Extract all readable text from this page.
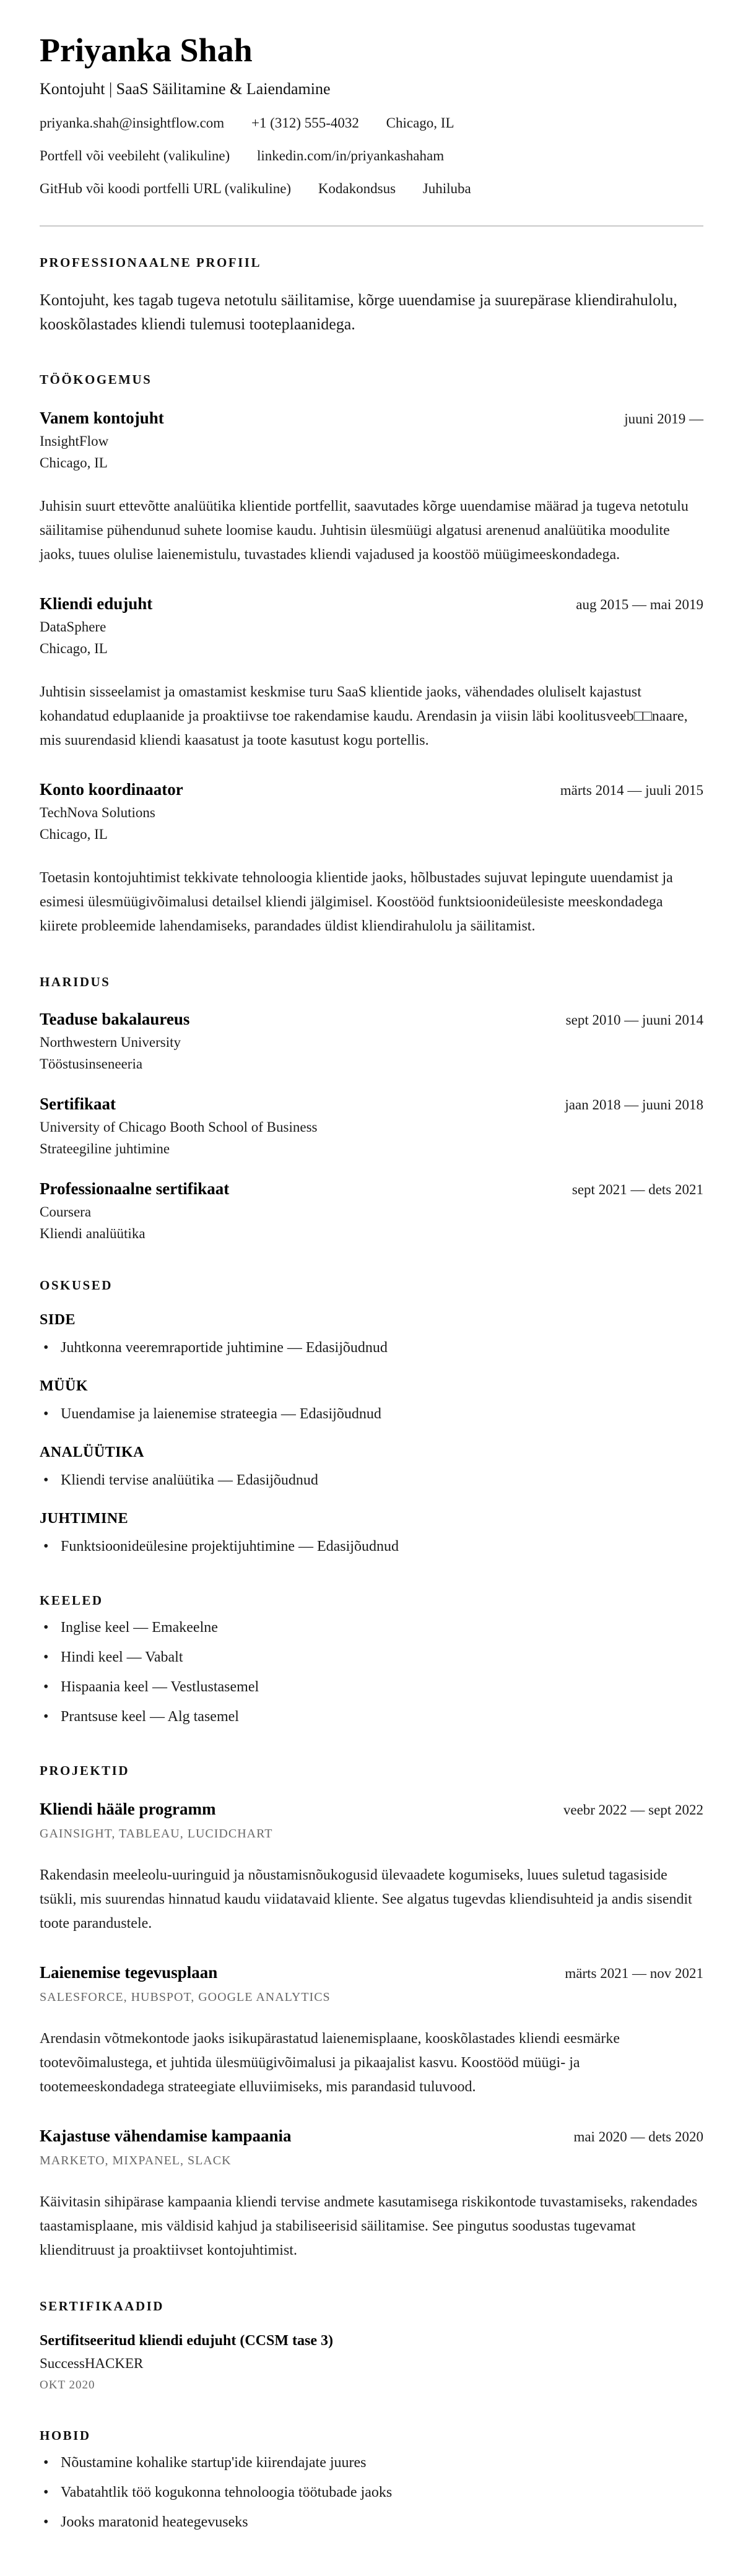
Priyanka Shah
Kontojuht | SaaS Säilitamine & Laiendamine
priyanka.shah@insightflow.com +1 (312) 555-4032 Chicago, IL
Portfell või veebileht (valikuline) linkedin.com/in/priyankashaham
GitHub või koodi portfelli URL (valikuline) Kodakondsus Juhiluba
PROFESSIONAALNE PROFIIL
Kontojuht, kes tagab tugeva netotulu säilitamise, kõrge uuendamise ja suurepärase kliendirahulolu, kooskõlastades kliendi tulemusi tooteplaanidega.
TÖÖKOGEMUS
Vanem kontojuht	juuni 2019 —
InsightFlow
Chicago, IL
Juhisin suurt ettevõtte analüütika klientide portfellit, saavutades kõrge uuendamise määrad ja tugeva netotulu säilitamise pühendunud suhete loomise kaudu. Juhtisin ülesmüügi algatusi arenenud analüütika moodulite jaoks, tuues olulise laienemistulu, tuvastades kliendi vajadused ja koostöö müügimeeskondadega.
Kliendi edujuht	aug 2015 — mai 2019
DataSphere
Chicago, IL
Juhtisin sisseelamist ja omastamist keskmise turu SaaS klientide jaoks, vähendades oluliselt kajastust kohandatud eduplaanide ja proaktiivse toe rakendamise kaudu. Arendasin ja viisin läbi koolitusveeb□□naare, mis suurendasid kliendi kaasatust ja toote kasutust kogu portellis.
Konto koordinaator	märts 2014 — juuli 2015
TechNova Solutions
Chicago, IL
Toetasin kontojuhtimist tekkivate tehnoloogia klientide jaoks, hõlbustades sujuvat lepingute uuendamist ja esimesi ülesmüügivõimalusi detailsel kliendi jälgimisel. Koostööd funktsioonideülesiste meeskondadega kiirete probleemide lahendamiseks, parandades üldist kliendirahulolu ja säilitamist.
HARIDUS
Teaduse bakalaureus	sept 2010 — juuni 2014
Northwestern University
Tööstusinseneeria
Sertifikaat	jaan 2018 — juuni 2018
University of Chicago Booth School of Business
Strateegiline juhtimine
Professionaalne sertifikaat	sept 2021 — dets 2021
Coursera
Kliendi analüütika
OSKUSED
SIDE
• Juhtkonna veeremraportide juhtimine — Edasijõudnud
MÜÜK
• Uuendamise ja laienemise strateegia — Edasijõudnud
ANALÜÜTIKA
• Kliendi tervise analüütika — Edasijõudnud
JUHTIMINE
• Funktsioonideülesine projektijuhtimine — Edasijõudnud
KEELED
• Inglise keel — Emakeelne
• Hindi keel — Vabalt
• Hispaania keel — Vestlustasemel
• Prantsuse keel — Alg tasemel
PROJEKTID
Kliendi hääle programm	veebr 2022 — sept 2022
GAINSIGHT, TABLEAU, LUCIDCHART
Rakendasin meeleolu-uuringuid ja nõustamisnõukogusid ülevaadete kogumiseks, luues suletud tagasiside tsükli, mis suurendas hinnatud kaudu viidatavaid kliente. See algatus tugevdas kliendisuhteid ja andis sisendit toote parandustele.
Laienemise tegevusplaan	märts 2021 — nov 2021
SALESFORCE, HUBSPOT, GOOGLE ANALYTICS
Arendasin võtmekontode jaoks isikupärastatud laienemisplaane, kooskõlastades kliendi eesmärke tootevõimalustega, et juhtida ülesmüügivõimalusi ja pikaajalist kasvu. Koostööd müügi- ja tootemeeskondadega strateegiate elluviimiseks, mis parandasid tuluvood.
Kajastuse vähendamise kampaania	mai 2020 — dets 2020
MARKETO, MIXPANEL, SLACK
Käivitasin sihipärase kampaania kliendi tervise andmete kasutamisega riskikontode tuvastamiseks, rakendades taastamisplaane, mis väldisid kahjud ja stabiliseerisid säilitamise. See pingutus soodustas tugevamat klienditruust ja proaktiivset kontojuhtimist.
SERTIFIKAADID
Sertifitseeritud kliendi edujuht (CCSM tase 3)
SuccessHACKER
OKT 2020
HOBID
• Nõustamine kohalike startup'ide kiirendajate juures
• Vabatahtlik töö kogukonna tehnoloogia töötubade jaoks
• Jooks maratonid heategevuseks
